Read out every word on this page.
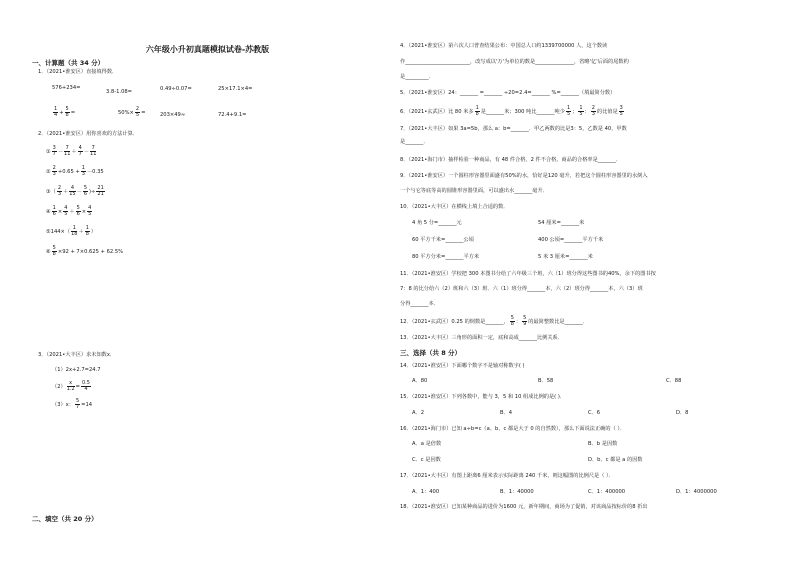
六年级小升初真题模拟试卷-苏教版
一、计算题（共 34 分）
1．（2021•淮安区）直接填得数．
576+234=
3.8-1.08=	0.49÷0.07=	25×17.1×4=
$\frac{1}{4} + \frac{5}{8}$ =	$50\%\times \frac{2}{5}$ =	203×49≈	72.4+9.1=
2．（2021•淮安区）用你喜欢的方法计算．
① $\frac{3}{7} - \frac{7}{11} + \frac{4}{7} - \frac{7}{11}$
② $\frac{2}{3} +0.65 + \frac{1}{3} -0.35$
③（ $\frac{2}{3} + \frac{4}{15} - \frac{5}{6}$ )÷ $\frac{21}{21}$
④ $\frac{1}{6} \times \frac{4}{5} + \frac{5}{6} \times \frac{4}{5}$
⑤144×（ $\frac{1}{18} + \frac{1}{8}$ ）
⑥ $\frac{5}{8} \times 92 + 7\times 0.625 + 62.5\%$
3．（2021•大丰区）求未知数x．
（1）2x+2.7=24.7
$(2) \frac{x}{1.2} = \frac{0.5}{4}$
（3）x： $\frac{5}{7} =14$
二、填空（共 20 分）
4．（2021•淮安区）第六次人口普查结果公布：中国总人口约1339700000 人，这个数读
作_________________________，改写成以'万'为单位的数是_______________，省略'亿'后面的尾数约
是_________．
5．（2021•淮安区）24：_______ =_______ ÷20=2.4=_______ %=_______（填最简分数）
6．（2021•玄武区）比 80 米多 $\frac{1}{8}$ 是_______米；300 吨比_______吨少 $\frac{1}{5}$ ； $\frac{1}{5}$ ： $\frac{2}{3}$ 的比值是 $\frac{3}{5}$
7．（2021•大丰区）如果 3a=5b，那么 a：b=_______．甲乙两数的比是3：5，乙数是 40，甲数
是_______．
8．（2021•海门市）抽样检验一种商品，有 48 件合格，2 件不合格，商品的合格率是_______．
9．（2021•淮安区）一个圆柱形容器里面盛有50%的水，恰好是120 毫升，若把这个圆柱形容器里的水倒入
一个与它等底等高的圆锥形容器里面，可以盛出水_______毫升．
10．（2021•大丰区）在横线上填上合适的数．
4 角 5 分=_______元	54 厘米=_______米
60 平方千米=_______公顷	400 公顷=_______平方千米
80 平方分米=_______平方米	5 米 3 厘米=_______米
11．（2021•淮安区）学校把 300 本图书分给了六年级三个班，六（1）班分得这些图书的40%，余下的图书按
7：8 的比分给六（2）班和六（3）班．六（1）班分得_______本，六（2）班分得_______本，六（3）班
分得_______本．
12．（2021•玄武区）0.25 的倒数是_______， $\frac{5}{8}$ ： $\frac{5}{9}$ 的最简整数比是_______．
13．（2021•大丰区）三角形的面积一定，底和高成_______比例关系．
三、选择（共 8 分）
14．（2021•淮安区）下面哪个数字不是轴对称数字( )
A．80	B．58	C．88
15．（2021•淮安区）下列各数中，能与 3，5 和 10 组成比例的是( )．
A．2	B．4	C．6	D．8
16．（2021•海门市）已知 a÷b=c（a、b、c 都是大于 0 的自然数），那么下面说法正确的（ ）．
A．a 是倍数	B．b 是因数
C．c 是因数	D．b、c 都是 a 的因数
17．（2021•大丰区）有图上距离6 厘米表示实际距离 240 千米，则这幅图的比例尺是（ ）．
A．1：400	B．1：40000	C．1：400000	D．1：4000000
18．（2021•淮安区）已知某种商品的进价为1600 元，新年期间，商场为了促销，对该商品按标价的8 折出
